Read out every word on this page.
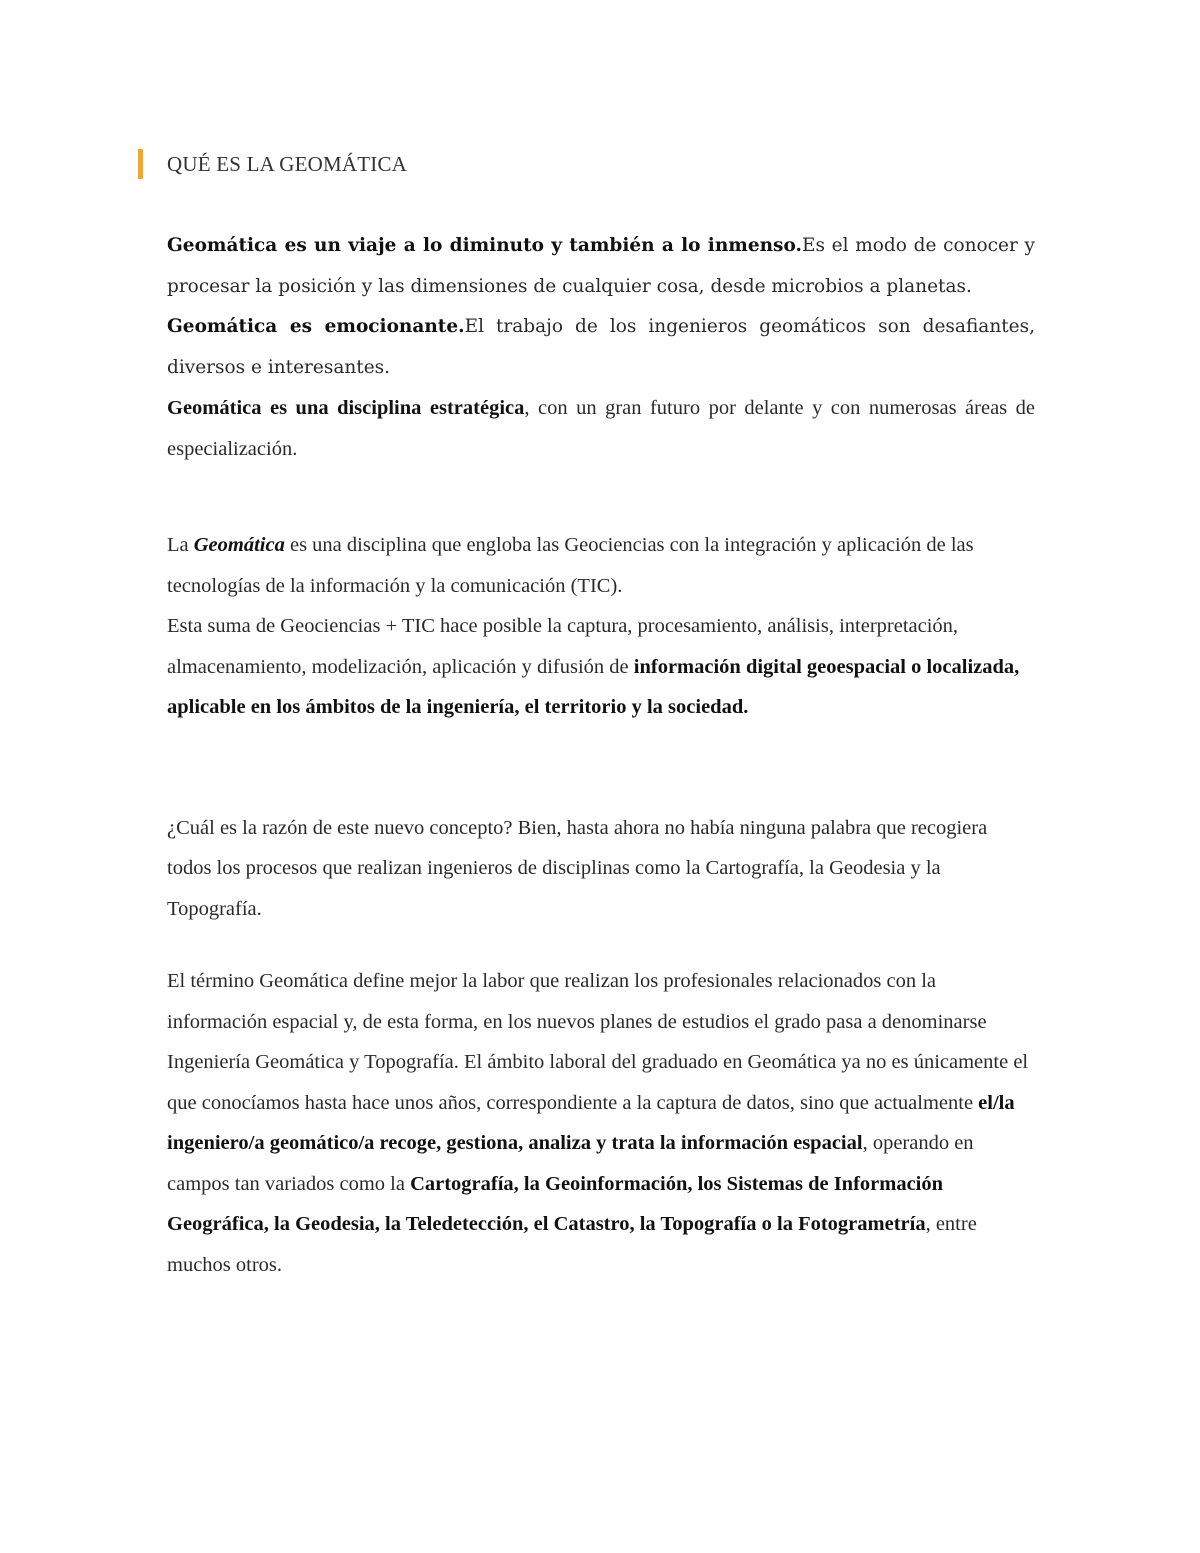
QUÉ ES LA GEOMÁTICA

Geomática es un viaje a lo diminuto y también a lo inmenso.Es el modo de conocer y procesar la posición y las dimensiones de cualquier cosa, desde microbios a planetas.

Geomática es emocionante.El trabajo de los ingenieros geomáticos son desafiantes, diversos e interesantes.

Geomática es una disciplina estratégica, con un gran futuro por delante y con numerosas áreas de especialización.

La Geomática es una disciplina que engloba las Geociencias con la integración y aplicación de las tecnologías de la información y la comunicación (TIC).

Esta suma de Geociencias + TIC hace posible la captura, procesamiento, análisis, interpretación, almacenamiento, modelización, aplicación y difusión de información digital geoespacial o localizada, aplicable en los ámbitos de la ingeniería, el territorio y la sociedad.

¿Cuál es la razón de este nuevo concepto? Bien, hasta ahora no había ninguna palabra que recogiera todos los procesos que realizan ingenieros de disciplinas como la Cartografía, la Geodesia y la Topografía.

El término Geomática define mejor la labor que realizan los profesionales relacionados con la información espacial y, de esta forma, en los nuevos planes de estudios el grado pasa a denominarse Ingeniería Geomática y Topografía. El ámbito laboral del graduado en Geomática ya no es únicamente el que conocíamos hasta hace unos años, correspondiente a la captura de datos, sino que actualmente el/la ingeniero/a geomático/a recoge, gestiona, analiza y trata la información espacial, operando en campos tan variados como la Cartografía, la Geoinformación, los Sistemas de Información Geográfica, la Geodesia, la Teledetección, el Catastro, la Topografía o la Fotogrametría, entre muchos otros.
